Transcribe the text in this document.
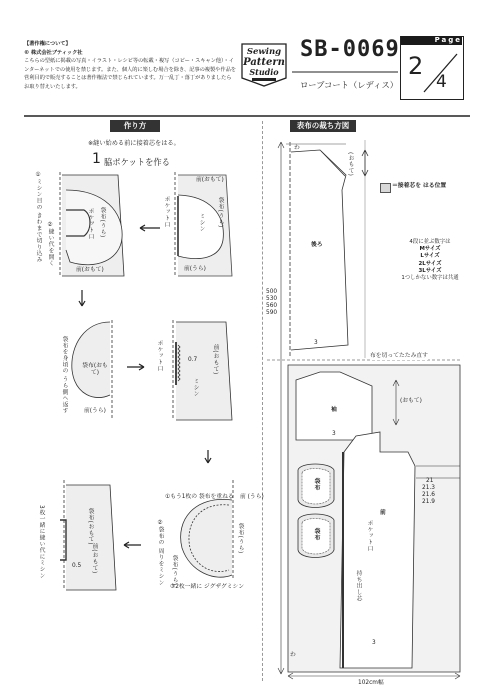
【著作権について】
© 株式会社ブティック社
こちらの型紙に掲載の写真・イラスト・レシピ等の転載・複写（コピー・スキャン他）・インターネットでの使用を禁じます。また、個人的に楽しむ場合を除き、記事の複製や作品を営利目的で販売することは著作権法で禁じられています。万一乱丁・落丁がありましたらお取り替えいたします。
Sewing
Pattern
Studio
SB-0069
ローブコート（レディス）
Page
2
4
作り方	表布の裁ち方図
※縫い始める前に接着芯をはる。
1 脇ポケットを作る
前(おもて)
袋布(うら)
ポケット口	ミシン
前(うら)
①ミシン目の きわまで切り込み	②縫い代を開く	袋布(うら)
ポケット口
前(おもて)
袋布を身頃の うら側へ返す	袋布(おもて)
前(うら)
ポケット口	0.7	前(おもて)
ミシン
①もう1枚の 袋布を重ねる 前 (うら)
②袋布の 周りをミシン	袋布(うら)
袋布(うら)
③2枚一緒に ジグザグミシン
3枚一緒に縫い代にミシン	袋布(おもて)
前(おもて)
0.5
＝接着芯を はる位置
4段に並ぶ数字は
Mサイズ
Lサイズ
2Lサイズ
3Lサイズ
1つしかない数字は共通
わ
(おもて)
後ろ
3
500
530
560
590
布を切ってたたみ直す
(おもて)
袖
3
袋布
袋布
前
ポケット口
持ち出し芯
3
わ
21
21.3
21.6
21.9
102cm幅
